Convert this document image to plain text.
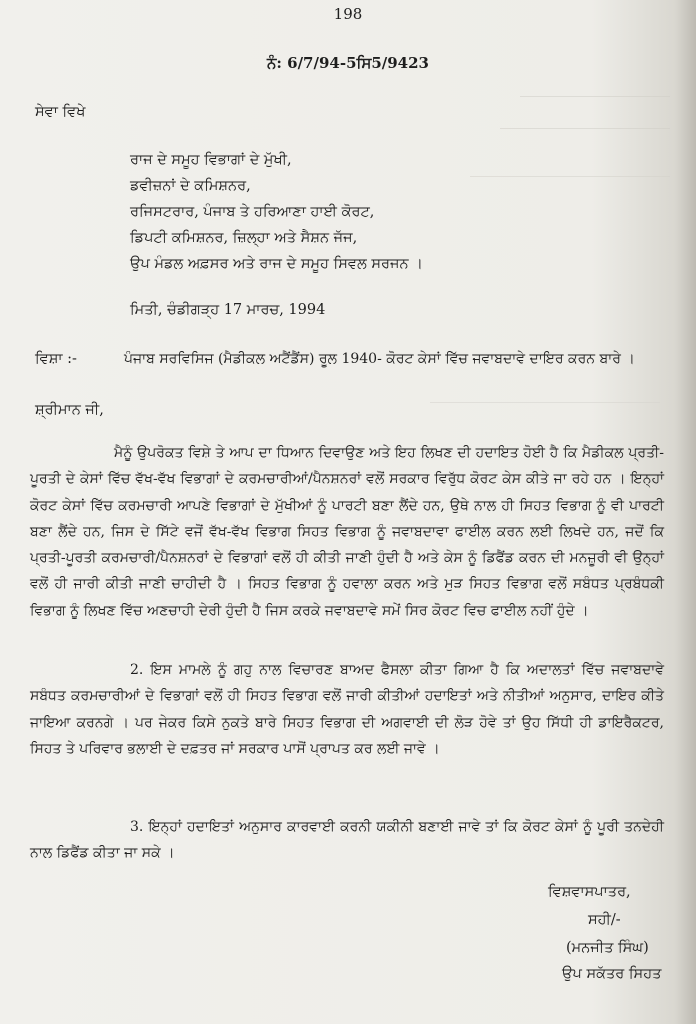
198
ਨੰ: 6/7/94-5ਸਿ5/9423
ਸੇਵਾ ਵਿਖੇ
ਰਾਜ ਦੇ ਸਮੂਹ ਵਿਭਾਗਾਂ ਦੇ ਮੁੱਖੀ,
ਡਵੀਜ਼ਨਾਂ ਦੇ ਕਮਿਸ਼ਨਰ,
ਰਜਿਸਟਰਾਰ, ਪੰਜਾਬ ਤੇ ਹਰਿਆਣਾ ਹਾਈ ਕੋਰਟ,
ਡਿਪਟੀ ਕਮਿਸ਼ਨਰ, ਜ਼ਿਲ੍ਹਾ ਅਤੇ ਸੈਸ਼ਨ ਜੱਜ,
ਉਪ ਮੰਡਲ ਅਫ਼ਸਰ ਅਤੇ ਰਾਜ ਦੇ ਸਮੂਹ ਸਿਵਲ ਸਰਜਨ ।
ਮਿਤੀ, ਚੰਡੀਗੜ੍ਹ 17 ਮਾਰਚ, 1994
ਵਿਸ਼ਾ :-	ਪੰਜਾਬ ਸਰਵਿਸਿਜ (ਮੈਡੀਕਲ ਅਟੈਂਡੈਂਸ) ਰੂਲ 1940- ਕੋਰਟ ਕੇਸਾਂ ਵਿੱਚ ਜਵਾਬਦਾਵੇ ਦਾਇਰ ਕਰਨ ਬਾਰੇ ।
ਸ਼੍ਰੀਮਾਨ ਜੀ,
ਮੈਨੂੰ ਉਪਰੋਕਤ ਵਿਸ਼ੇ ਤੇ ਆਪ ਦਾ ਧਿਆਨ ਦਿਵਾਉਣ ਅਤੇ ਇਹ ਲਿਖਣ ਦੀ ਹਦਾਇਤ ਹੋਈ ਹੈ ਕਿ ਮੈਡੀਕਲ ਪ੍ਰਤੀ-ਪੂਰਤੀ ਦੇ ਕੇਸਾਂ ਵਿੱਚ ਵੱਖ-ਵੱਖ ਵਿਭਾਗਾਂ ਦੇ ਕਰਮਚਾਰੀਆਂ/ਪੈਨਸ਼ਨਰਾਂ ਵਲੋਂ ਸਰਕਾਰ ਵਿਰੁੱਧ ਕੋਰਟ ਕੇਸ ਕੀਤੇ ਜਾ ਰਹੇ ਹਨ । ਇਨ੍ਹਾਂ ਕੋਰਟ ਕੇਸਾਂ ਵਿੱਚ ਕਰਮਚਾਰੀ ਆਪਣੇ ਵਿਭਾਗਾਂ ਦੇ ਮੁੱਖੀਆਂ ਨੂੰ ਪਾਰਟੀ ਬਣਾ ਲੈਂਦੇ ਹਨ, ਉਥੇ ਨਾਲ ਹੀ ਸਿਹਤ ਵਿਭਾਗ ਨੂੰ ਵੀ ਪਾਰਟੀ ਬਣਾ ਲੈਂਦੇ ਹਨ, ਜਿਸ ਦੇ ਸਿੱਟੇ ਵਜੋਂ ਵੱਖ-ਵੱਖ ਵਿਭਾਗ ਸਿਹਤ ਵਿਭਾਗ ਨੂੰ ਜਵਾਬਦਾਵਾ ਫਾਈਲ ਕਰਨ ਲਈ ਲਿਖਦੇ ਹਨ, ਜਦੋਂ ਕਿ ਪ੍ਰਤੀ-ਪੂਰਤੀ ਕਰਮਚਾਰੀ/ਪੈਨਸ਼ਨਰਾਂ ਦੇ ਵਿਭਾਗਾਂ ਵਲੋਂ ਹੀ ਕੀਤੀ ਜਾਣੀ ਹੁੰਦੀ ਹੈ ਅਤੇ ਕੇਸ ਨੂੰ ਡਿਫੈਂਡ ਕਰਨ ਦੀ ਮਨਜ਼ੂਰੀ ਵੀ ਉਨ੍ਹਾਂ ਵਲੋਂ ਹੀ ਜਾਰੀ ਕੀਤੀ ਜਾਣੀ ਚਾਹੀਦੀ ਹੈ । ਸਿਹਤ ਵਿਭਾਗ ਨੂੰ ਹਵਾਲਾ ਕਰਨ ਅਤੇ ਮੁੜ ਸਿਹਤ ਵਿਭਾਗ ਵਲੋਂ ਸਬੰਧਤ ਪ੍ਰਬੰਧਕੀ ਵਿਭਾਗ ਨੂੰ ਲਿਖਣ ਵਿੱਚ ਅਣਚਾਹੀ ਦੇਰੀ ਹੁੰਦੀ ਹੈ ਜਿਸ ਕਰਕੇ ਜਵਾਬਦਾਵੇ ਸਮੇਂ ਸਿਰ ਕੋਰਟ ਵਿਚ ਫਾਈਲ ਨਹੀਂ ਹੁੰਦੇ ।
2. ਇਸ ਮਾਮਲੇ ਨੂੰ ਗਹੁ ਨਾਲ ਵਿਚਾਰਣ ਬਾਅਦ ਫੈਸਲਾ ਕੀਤਾ ਗਿਆ ਹੈ ਕਿ ਅਦਾਲਤਾਂ ਵਿੱਚ ਜਵਾਬਦਾਵੇ ਸਬੰਧਤ ਕਰਮਚਾਰੀਆਂ ਦੇ ਵਿਭਾਗਾਂ ਵਲੋਂ ਹੀ ਸਿਹਤ ਵਿਭਾਗ ਵਲੋਂ ਜਾਰੀ ਕੀਤੀਆਂ ਹਦਾਇਤਾਂ ਅਤੇ ਨੀਤੀਆਂ ਅਨੁਸਾਰ, ਦਾਇਰ ਕੀਤੇ ਜਾਇਆ ਕਰਨਗੇ । ਪਰ ਜੇਕਰ ਕਿਸੇ ਨੁਕਤੇ ਬਾਰੇ ਸਿਹਤ ਵਿਭਾਗ ਦੀ ਅਗਵਾਈ ਦੀ ਲੋੜ ਹੋਵੇ ਤਾਂ ਉਹ ਸਿੱਧੀ ਹੀ ਡਾਇਰੈਕਟਰ, ਸਿਹਤ ਤੇ ਪਰਿਵਾਰ ਭਲਾਈ ਦੇ ਦਫ਼ਤਰ ਜਾਂ ਸਰਕਾਰ ਪਾਸੋਂ ਪ੍ਰਾਪਤ ਕਰ ਲਈ ਜਾਵੇ ।
3. ਇਨ੍ਹਾਂ ਹਦਾਇਤਾਂ ਅਨੁਸਾਰ ਕਾਰਵਾਈ ਕਰਨੀ ਯਕੀਨੀ ਬਣਾਈ ਜਾਵੇ ਤਾਂ ਕਿ ਕੋਰਟ ਕੇਸਾਂ ਨੂੰ ਪੂਰੀ ਤਨਦੇਹੀ ਨਾਲ ਡਿਫੈਂਡ ਕੀਤਾ ਜਾ ਸਕੇ ।
ਵਿਸ਼ਵਾਸਪਾਤਰ,
ਸਹੀ/-
(ਮਨਜੀਤ ਸਿੰਘ)
ਉਪ ਸਕੱਤਰ ਸਿਹਤ
